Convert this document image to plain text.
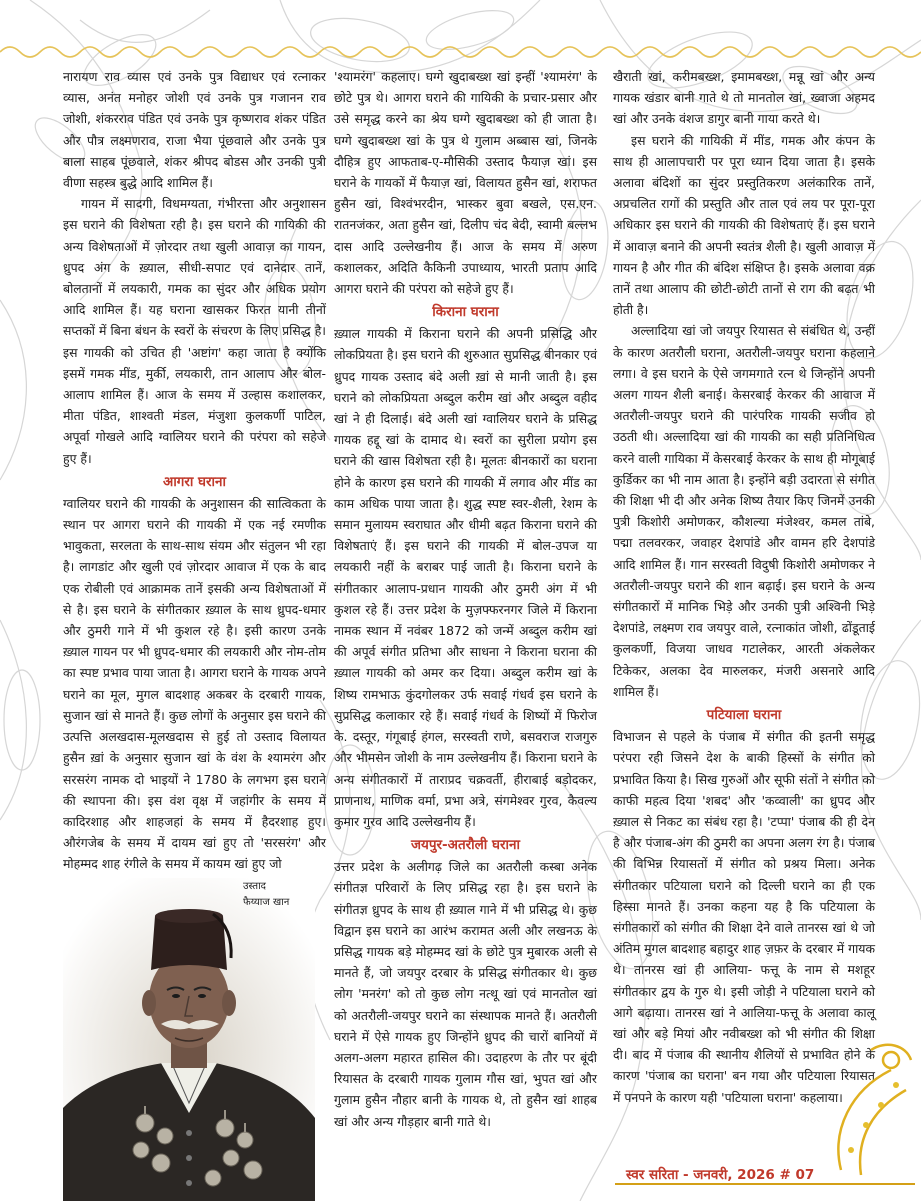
नारायण राव व्यास एवं उनके पुत्र विद्याधर एवं रत्नाकर व्यास, अनंत मनोहर जोशी एवं उनके पुत्र गजानन राव जोशी, शंकरराव पंडित एवं उनके पुत्र कृष्णराव शंकर पंडित और पौत्र लक्ष्मणराव, राजा भैया पूंछवाले और उनके पुत्र बाला साहब पूंछवाले, शंकर श्रीपद बोडस और उनकी पुत्री वीणा सहस्त्र बुद्धे आदि शामिल हैं।

गायन में सादगी, विधमग्यता, गंभीरत्ता और अनुशासन इस घराने की विशेषता रही है। इस घराने की गायिकी की अन्य विशेषताओं में ज़ोरदार तथा खुली आवाज़ का गायन, ध्रुपद अंग के ख़्याल, सीधी-सपाट एवं दानेदार तानें, बोलतानों में लयकारी, गमक का सुंदर और अधिक प्रयोग आदि शामिल हैं। यह घराना खासकर फिरत यानी तीनों सप्तकों में बिना बंधन के स्वरों के संचरण के लिए प्रसिद्ध है। इस गायकी को उचित ही 'अष्टांग' कहा जाता है क्योंकि इसमें गमक मींड, मुर्की, लयकारी, तान आलाप और बोल-आलाप शामिल हैं। आज के समय में उल्हास कशालकर, मीता पंडित, शाश्वती मंडल, मंजुशा कुलकर्णी पाटिल, अपूर्वा गोखले आदि ग्वालियर घराने की परंपरा को सहेजे हुए हैं।

आगरा घराना

ग्वालियर घराने की गायकी के अनुशासन की सात्विकता के स्थान पर आगरा घराने की गायकी में एक नई रमणीक भावुकता, सरलता के साथ-साथ संयम और संतुलन भी रहा है। लागडांट और खुली एवं ज़ोरदार आवाज में एक के बाद एक रोबीली एवं आक्रामक तानें इसकी अन्य विशेषताओं में से है। इस घराने के संगीतकार ख़्याल के साथ ध्रुपद-धमार और ठुमरी गाने में भी कुशल रहे है। इसी कारण उनके ख़्याल गायन पर भी ध्रुपद-धमार की लयकारी और नोम-तोम का स्पष्ट प्रभाव पाया जाता है। आगरा घराने के गायक अपने घराने का मूल, मुगल बादशाह अकबर के दरबारी गायक, सुजान खां से मानते हैं। कुछ लोगों के अनुसार इस घराने की उत्पत्ति अलखदास-मूलखदास से हुई तो उस्ताद विलायत हुसैन ख़ां के अनुसार सुजान खां के वंश के श्यामरंग और सरसरंग नामक दो भाइयों ने 1780 के लगभग इस घराने की स्थापना की। इस वंश वृक्ष में जहांगीर के समय में कादिरशाह और शाहजहां के समय में हैदरशाह हुए। औरंगजेब के समय में दायम खां हुए तो 'सरसरंग' और मोहम्मद शाह रंगीले के समय में कायम खां हुए जो

'श्यामरंग' कहलाए। घग्गे खुदाबख्श खां इन्हीं 'श्यामरंग' के छोटे पुत्र थे। आगरा घराने की गायिकी के प्रचार-प्रसार और उसे समृद्ध करने का श्रेय घग्गे खुदाबख्श को ही जाता है। घग्गे खुदाबख्श खां के पुत्र थे गुलाम अब्बास खां, जिनके दौहित्र हुए आफताब-ए-मौसिकी उस्ताद फैयाज़ खां। इस घराने के गायकों में फैयाज़ खां, विलायत हुसैन खां, शराफत हुसैन खां, विश्वंभरदीन, भास्कर बुवा बखले, एस.एन. रातनजंकर, अता हुसैन खां, दिलीप चंद बेदी, स्वामी बल्लभ दास आदि उल्लेखनीय हैं। आज के समय में अरुण कशालकर, अदिति कैकिनी उपाध्याय, भारती प्रताप आदि आगरा घराने की परंपरा को सहेजे हुए हैं।

किराना घराना

ख़्याल गायकी में किराना घराने की अपनी प्रसिद्धि और लोकप्रियता है। इस घराने की शुरुआत सुप्रसिद्ध बीनकार एवं ध्रुपद गायक उस्ताद बंदे अली ख़ां से मानी जाती है। इस घराने को लोकप्रियता अब्दुल करीम खां और अब्दुल वहीद खां ने ही दिलाई। बंदे अली खां ग्वालियर घराने के प्रसिद्ध गायक हद्दू खां के दामाद थे। स्वरों का सुरीला प्रयोग इस घराने की खास विशेषता रही है। मूलतः बीनकारों का घराना होने के कारण इस घराने की गायकी में लगाव और मींड का काम अधिक पाया जाता है। शुद्ध स्पष्ट स्वर-शैली, रेशम के समान मुलायम स्वराघात और धीमी बढ़त किराना घराने की विशेषताएं हैं। इस घराने की गायकी में बोल-उपज या लयकारी नहीं के बराबर पाई जाती है। किराना घराने के संगीतकार आलाप-प्रधान गायकी और ठुमरी अंग में भी कुशल रहे हैं। उत्तर प्रदेश के मुज़फ्फरनगर जिले में किराना नामक स्थान में नवंबर 1872 को जन्में अब्दुल करीम खां की अपूर्व संगीत प्रतिभा और साधना ने किराना घराना की ख़्याल गायकी को अमर कर दिया। अब्दुल करीम खां के शिष्य रामभाऊ कुंदगोलकर उर्फ सवाई गंधर्व इस घराने के सुप्रसिद्ध कलाकार रहे हैं। सवाई गंधर्व के शिष्यों में फिरोज के. दस्तूर, गंगूबाई हंगल, सरस्वती राणे, बसवराज राजगुरु और भीमसेन जोशी के नाम उल्लेखनीय हैं। किराना घराने के अन्य संगीतकारों में ताराप्रद चक्रवर्ती, हीराबाई बड़ोदकर, प्राणनाथ, माणिक वर्मा, प्रभा अत्रे, संगमेश्वर गुरव, कैवल्य कुमार गुरव आदि उल्लेखनीय हैं।

जयपुर-अतरौली घराना

उत्तर प्रदेश के अलीगढ़ जिले का अतरौली कस्बा अनेक संगीतज्ञ परिवारों के लिए प्रसिद्ध रहा है। इस घराने के संगीतज्ञ ध्रुपद के साथ ही ख़्याल गाने में भी प्रसिद्ध थे। कुछ विद्वान इस घराने का आरंभ करामत अली और लखनऊ के प्रसिद्ध गायक बड़े मोहम्मद खां के छोटे पुत्र मुबारक अली से मानते हैं, जो जयपुर दरबार के प्रसिद्ध संगीतकार थे। कुछ लोग 'मनरंग' को तो कुछ लोग नत्थू खां एवं मानतोल खां को अतरौली-जयपुर घराने का संस्थापक मानते हैं। अतरौली घराने में ऐसे गायक हुए जिन्होंने ध्रुपद की चारों बानियों में अलग-अलग महारत हासिल की। उदाहरण के तौर पर बूंदी रियासत के दरबारी गायक गुलाम गौस खां, भुपत खां और गुलाम हुसैन नौहार बानी के गायक थे, तो हुसैन खां शाहब खां और अन्य गौड़हार बानी गाते थे।

खैराती खां, करीमबख्श, इमामबख्श, मन्नू खां और अन्य गायक खंडार बानी गाते थे तो मानतोल खां, ख्वाजा अहमद खां और उनके वंशज डागुर बानी गाया करते थे।

इस घराने की गायिकी में मींड, गमक और कंपन के साथ ही आलापचारी पर पूरा ध्यान दिया जाता है। इसके अलावा बंदिशों का सुंदर प्रस्तुतिकरण अलंकारिक तानें, अप्रचलित रागों की प्रस्तुति और ताल एवं लय पर पूरा-पूरा अधिकार इस घराने की गायकी की विशेषताएं हैं। इस घराने में आवाज़ बनाने की अपनी स्वतंत्र शैली है। खुली आवाज़ में गायन है और गीत की बंदिश संक्षिप्त है। इसके अलावा वक्र तानें तथा आलाप की छोटी-छोटी तानों से राग की बढ़त भी होती है।

अल्लादिया खां जो जयपुर रियासत से संबंधित थे, उन्हीं के कारण अतरौली घराना, अतरौली-जयपुर घराना कहलाने लगा। वे इस घराने के ऐसे जगमगाते रत्न थे जिन्होंने अपनी अलग गायन शैली बनाई। केसरबाई केरकर की आवाज में अतरौली-जयपुर घराने की पारंपरिक गायकी सजीव हो उठती थी। अल्लादिया खां की गायकी का सही प्रतिनिधित्व करने वाली गायिका में केसरबाई केरकर के साथ ही मोगूबाई कुर्डिकर का भी नाम आता है। इन्होंने बड़ी उदारता से संगीत की शिक्षा भी दी और अनेक शिष्य तैयार किए जिनमें उनकी पुत्री किशोरी अमोणकर, कौशल्या मंजेश्वर, कमल तांबे, पद्मा तलवरकर, जवाहर देशपांडे और वामन हरि देशपांडे आदि शामिल हैं। गान सरस्वती विदुषी किशोरी अमोणकर ने अतरौली-जयपुर घराने की शान बढ़ाई। इस घराने के अन्य संगीतकारों में मानिक भिड़े और उनकी पुत्री अश्विनी भिड़े देशपांडे, लक्ष्मण राव जयपुर वाले, रत्नाकांत जोशी, ढोंडूताई कुलकर्णी, विजया जाधव गटालेकर, आरती अंकलेकर टिकेकर, अलका देव मारुलकर, मंजरी असनारे आदि शामिल हैं।

पटियाला घराना

विभाजन से पहले के पंजाब में संगीत की इतनी समृद्ध परंपरा रही जिसने देश के बाकी हिस्सों के संगीत को प्रभावित किया है। सिख गुरुओं और सूफी संतों ने संगीत को काफी महत्व दिया 'शबद' और 'कव्वाली' का ध्रुपद और ख़्याल से निकट का संबंध रहा है। 'टप्पा' पंजाब की ही देन है और पंजाब-अंग की ठुमरी का अपना अलग रंग है। पंजाब की विभिन्न रियासतों में संगीत को प्रश्रय मिला। अनेक संगीतकार पटियाला घराने को दिल्ली घराने का ही एक हिस्सा मानते हैं। उनका कहना यह है कि पटियाला के संगीतकारों को संगीत की शिक्षा देने वाले तानरस खां थे जो अंतिम मुगल बादशाह बहादुर शाह ज़फ़र के दरबार में गायक थे। तानरस खां ही आलिया- फत्तू के नाम से मशहूर संगीतकार द्वय के गुरु थे। इसी जोड़ी ने पटियाला घराने को आगे बढ़ाया। तानरस खां ने आलिया-फत्तू के अलावा कालू खां और बड़े मियां और नवीबख्श को भी संगीत की शिक्षा दी। बाद में पंजाब की स्थानीय शैलियों से प्रभावित होने के कारण 'पंजाब का घराना' बन गया और पटियाला रियासत में पनपने के कारण यही 'पटियाला घराना' कहलाया।

उस्ताद
फैय्याज खान
स्वर सरिता - जनवरी, 2026 # 07
